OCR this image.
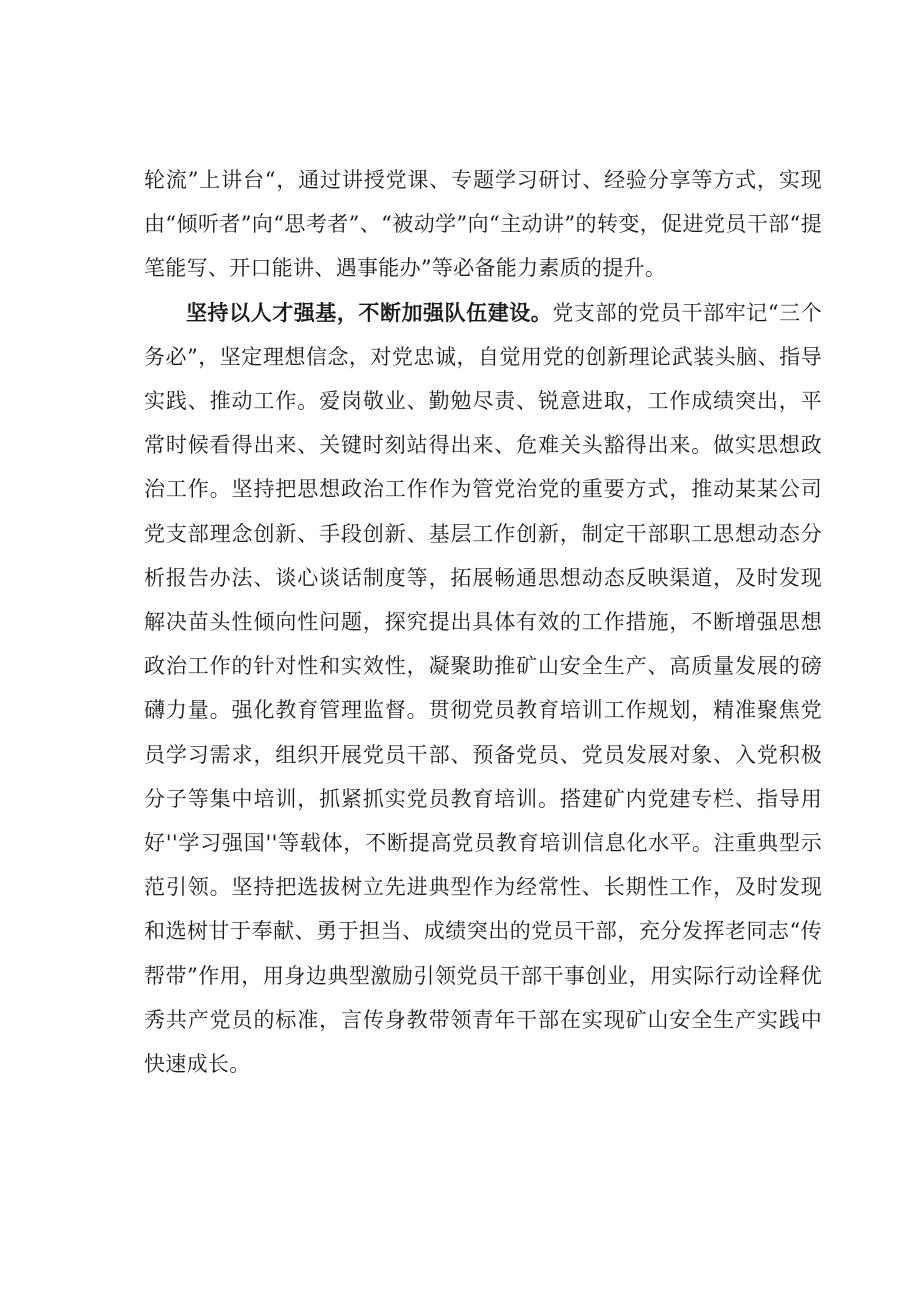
轮流”上讲台“，通过讲授党课、专题学习研讨、经验分享等方式，实现由“倾听者”向“思考者”、“被动学”向“主动讲”的转变，促进党员干部“提笔能写、开口能讲、遇事能办”等必备能力素质的提升。

坚持以人才强基，不断加强队伍建设。党支部的党员干部牢记“三个务必”，坚定理想信念，对党忠诚，自觉用党的创新理论武装头脑、指导实践、推动工作。爱岗敬业、勤勉尽责、锐意进取，工作成绩突出，平常时候看得出来、关键时刻站得出来、危难关头豁得出来。做实思想政治工作。坚持把思想政治工作作为管党治党的重要方式，推动某某公司党支部理念创新、手段创新、基层工作创新，制定干部职工思想动态分析报告办法、谈心谈话制度等，拓展畅通思想动态反映渠道，及时发现解决苗头性倾向性问题，探究提出具体有效的工作措施，不断增强思想政治工作的针对性和实效性，凝聚助推矿山安全生产、高质量发展的磅礴力量。强化教育管理监督。贯彻党员教育培训工作规划，精准聚焦党员学习需求，组织开展党员干部、预备党员、党员发展对象、入党积极分子等集中培训，抓紧抓实党员教育培训。搭建矿内党建专栏、指导用好''学习强国''等载体，不断提高党员教育培训信息化水平。注重典型示范引领。坚持把选拔树立先进典型作为经常性、长期性工作，及时发现和选树甘于奉献、勇于担当、成绩突出的党员干部，充分发挥老同志“传帮带”作用，用身边典型激励引领党员干部干事创业，用实际行动诠释优秀共产党员的标准，言传身教带领青年干部在实现矿山安全生产实践中快速成长。
